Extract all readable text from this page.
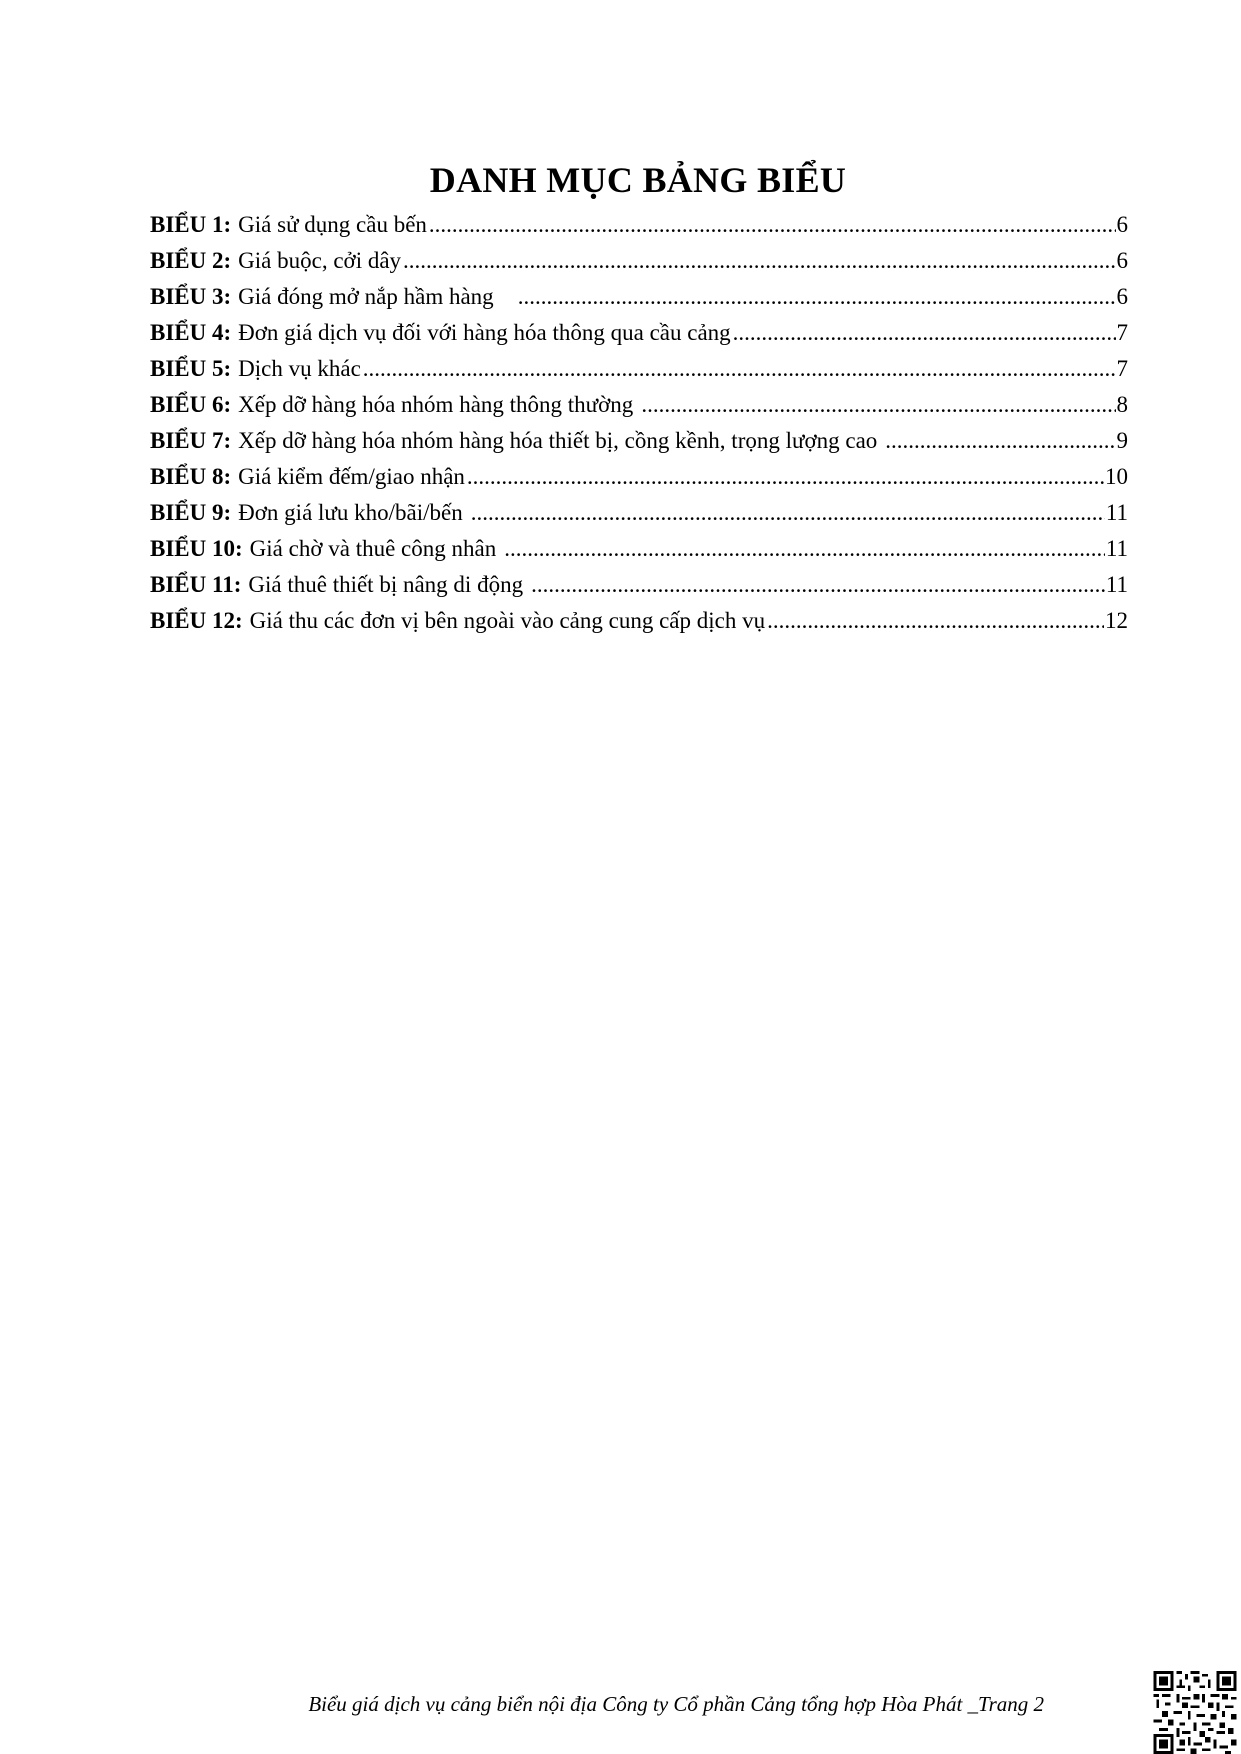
DANH MỤC BẢNG BIỂU
BIỂU 1: Giá sử dụng cầu bến .....	6
BIỂU 2: Giá buộc, cởi dây .....	6
BIỂU 3: Giá đóng mở nắp hầm hàng .....	6
BIỂU 4: Đơn giá dịch vụ đối với hàng hóa thông qua cầu cảng .....	7
BIỂU 5: Dịch vụ khác .....	7
BIỂU 6: Xếp dỡ hàng hóa nhóm hàng thông thường .....	8
BIỂU 7: Xếp dỡ hàng hóa nhóm hàng hóa thiết bị, cồng kềnh, trọng lượng cao .....	9
BIỂU 8: Giá kiểm đếm/giao nhận .....	10
BIỂU 9: Đơn giá lưu kho/bãi/bến .....	11
BIỂU 10: Giá chờ và thuê công nhân .....	11
BIỂU 11: Giá thuê thiết bị nâng di động .....	11
BIỂU 12: Giá thu các đơn vị bên ngoài vào cảng cung cấp dịch vụ .....	12
Biểu giá dịch vụ cảng biển nội địa Công ty Cổ phần Cảng tổng hợp Hòa Phát _Trang 2
